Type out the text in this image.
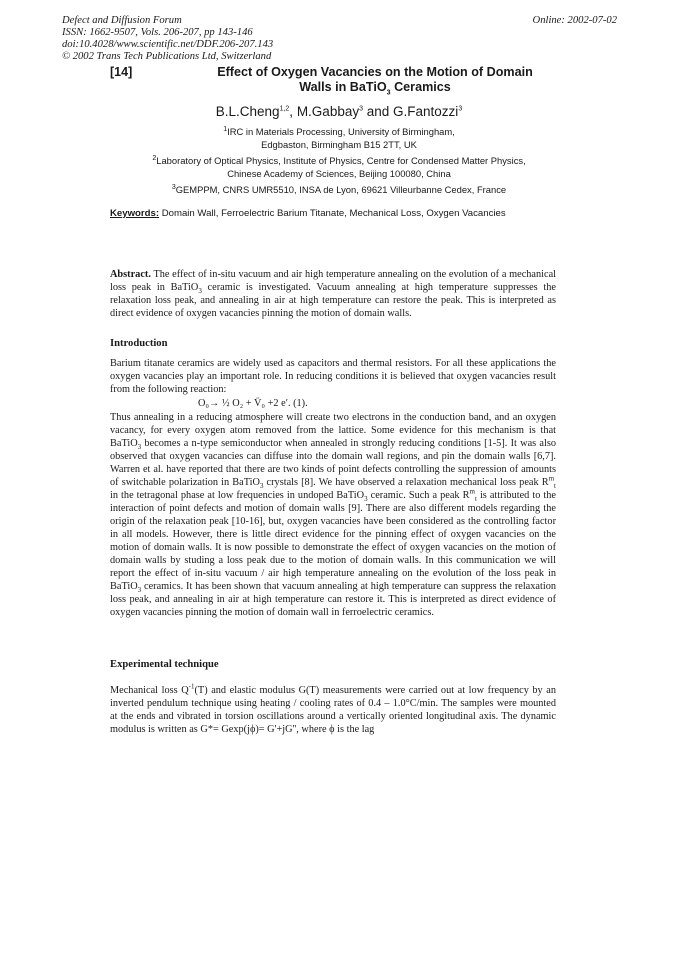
Defect and Diffusion Forum
ISSN: 1662-9507, Vols. 206-207, pp 143-146
doi:10.4028/www.scientific.net/DDF.206-207.143
© 2002 Trans Tech Publications Ltd, Switzerland
Online: 2002-07-02
[14]	Effect of Oxygen Vacancies on the Motion of Domain
Walls in BaTiO$_3$ Ceramics
B.L.Cheng$^{1,2}$, M.Gabbay$^3$ and G.Fantozzi$^3$
$^1$IRC in Materials Processing, University of Birmingham,
Edgbaston, Birmingham B15 2TT, UK
$^2$Laboratory of Optical Physics, Institute of Physics, Centre for Condensed Matter Physics,
Chinese Academy of Sciences, Beijing 100080, China
$^3$GEMPPM, CNRS UMR5510, INSA de Lyon, 69621 Villeurbanne Cedex, France
Keywords: Domain Wall, Ferroelectric Barium Titanate, Mechanical Loss, Oxygen Vacancies
Abstract. The effect of in-situ vacuum and air high temperature annealing on the evolution of a mechanical loss peak in BaTiO$_3$ ceramic is investigated. Vacuum annealing at high temperature suppresses the relaxation loss peak, and annealing in air at high temperature can restore the peak. This is interpreted as direct evidence of oxygen vacancies pinning the motion of domain walls.
Introduction
Barium titanate ceramics are widely used as capacitors and thermal resistors. For all these applications the oxygen vacancies play an important role. In reducing conditions it is believed that oxygen vacancies result from the following reaction:
O₀→ ½ O₂ + V̈₀ +2 e′. (1).
Thus annealing in a reducing atmosphere will create two electrons in the conduction band, and an oxygen vacancy, for every oxygen atom removed from the lattice. Some evidence for this mechanism is that BaTiO$_3$ becomes a n-type semiconductor when annealed in strongly reducing conditions [1-5]. It was also observed that oxygen vacancies can diffuse into the domain wall regions, and pin the domain walls [6,7]. Warren et al. have reported that there are two kinds of point defects controlling the suppression of amounts of switchable polarization in BaTiO$_3$ crystals [8]. We have observed a relaxation mechanical loss peak $R^m_t$ in the tetragonal phase at low frequencies in undoped BaTiO$_3$ ceramic. Such a peak $R^m_t$ is attributed to the interaction of point defects and motion of domain walls [9]. There are also different models regarding the origin of the relaxation peak [10-16], but, oxygen vacancies have been considered as the controlling factor in all models. However, there is little direct evidence for the pinning effect of oxygen vacancies on the motion of domain walls. It is now possible to demonstrate the effect of oxygen vacancies on the motion of domain walls by studing a loss peak due to the motion of domain walls. In this communication we will report the effect of in-situ vacuum / air high temperature annealing on the evolution of the loss peak in BaTiO$_3$ ceramics. It has been shown that vacuum annealing at high temperature can suppress the relaxation loss peak, and annealing in air at high temperature can restore it. This is interpreted as direct evidence of oxygen vacancies pinning the motion of domain wall in ferroelectric ceramics.
Experimental technique
Mechanical loss $Q^{-1}(T)$ and elastic modulus G(T) measurements were carried out at low frequency by an inverted pendulum technique using heating / cooling rates of 0.4 – 1.0°C/min. The samples were mounted at the ends and vibrated in torsion oscillations around a vertically oriented longitudinal axis. The dynamic modulus is written as G*= Gexp(jϕ)= G'+jG'', where ϕ is the lag
